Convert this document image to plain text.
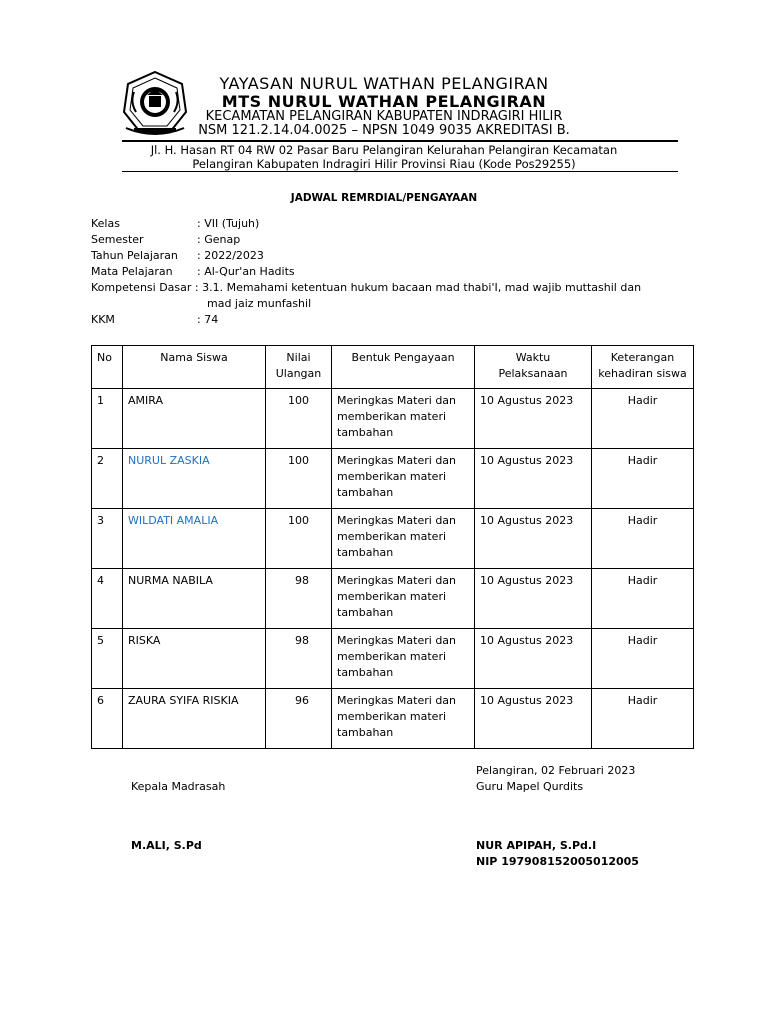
YAYASAN NURUL WATHAN PELANGIRAN
MTS NURUL WATHAN PELANGIRAN
KECAMATAN PELANGIRAN KABUPATEN INDRAGIRI HILIR
NSM 121.2.14.04.0025 – NPSN 1049 9035 AKREDITASI B.
Jl. H. Hasan RT 04 RW 02 Pasar Baru Pelangiran Kelurahan Pelangiran Kecamatan
Pelangiran Kabupaten Indragiri Hilir Provinsi Riau (Kode Pos29255)
JADWAL REMRDIAL/PENGAYAAN
Kelas	: VII (Tujuh)
Semester	: Genap
Tahun Pelajaran : 2022/2023
Mata Pelajaran : Al-Qur'an Hadits
Kompetensi Dasar : 3.1. Memahami ketentuan hukum bacaan mad thabi'I, mad wajib muttashil dan
mad jaiz munfashil
KKM	: 74
No	Nama Siswa	Nilai Ulangan	Bentuk Pengayaan	Waktu Pelaksanaan	Keterangan kehadiran siswa
1	AMIRA	100	Meringkas Materi dan memberikan materi tambahan	10 Agustus 2023	Hadir
2	NURUL ZASKIA	100	Meringkas Materi dan memberikan materi tambahan	10 Agustus 2023	Hadir
3	WILDATI AMALIA	100	Meringkas Materi dan memberikan materi tambahan	10 Agustus 2023	Hadir
4	NURMA NABILA	98	Meringkas Materi dan memberikan materi tambahan	10 Agustus 2023	Hadir
5	RISKA	98	Meringkas Materi dan memberikan materi tambahan	10 Agustus 2023	Hadir
6	ZAURA SYIFA RISKIA	96	Meringkas Materi dan memberikan materi tambahan	10 Agustus 2023	Hadir
Pelangiran, 02 Februari 2023
Kepala Madrasah	Guru Mapel Qurdits
M.ALI, S.Pd	NUR APIPAH, S.Pd.I
NIP 197908152005012005
